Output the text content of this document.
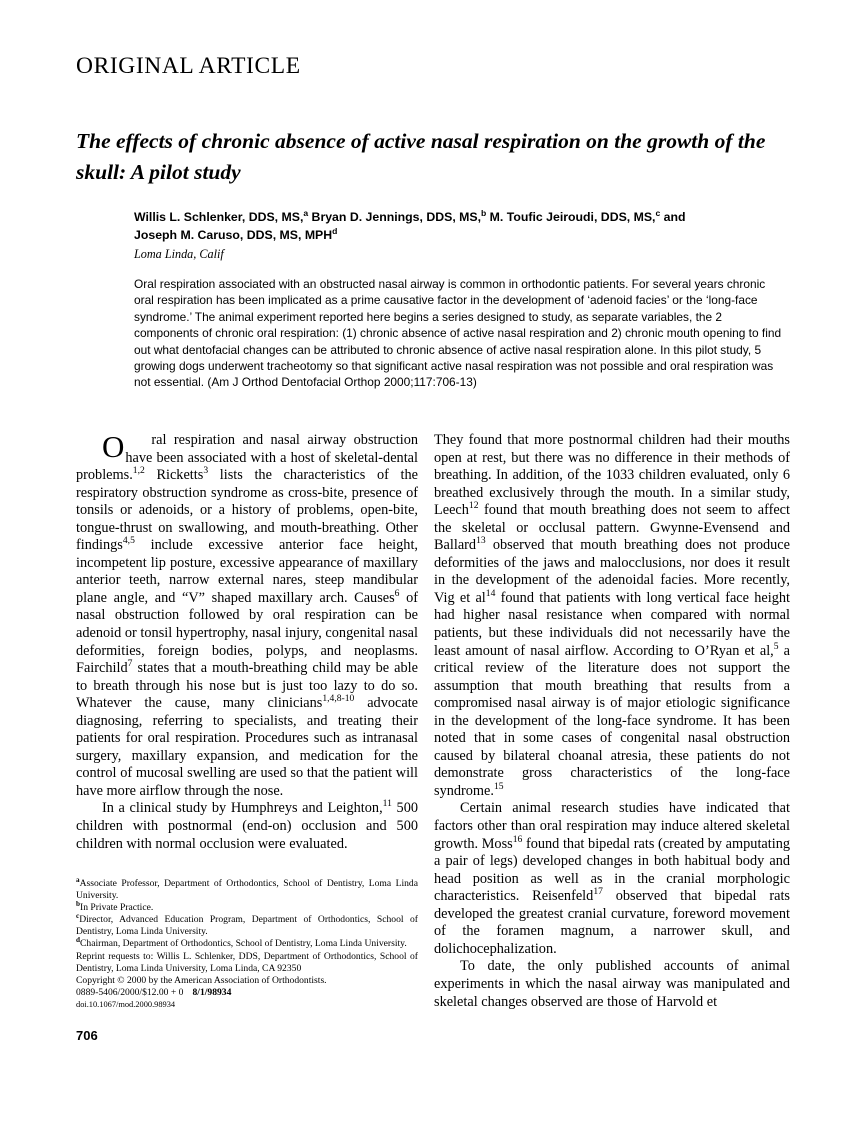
ORIGINAL ARTICLE
The effects of chronic absence of active nasal respiration on the growth of the skull: A pilot study
Willis L. Schlenker, DDS, MS,$^a$ Bryan D. Jennings, DDS, MS,$^b$ M. Toufic Jeiroudi, DDS, MS,$^c$ and
Joseph M. Caruso, DDS, MS, MPH$^d$
Loma Linda, Calif
Oral respiration associated with an obstructed nasal airway is common in orthodontic patients. For several years chronic oral respiration has been implicated as a prime causative factor in the development of ‘adenoid facies’ or the ‘long-face syndrome.’ The animal experiment reported here begins a series designed to study, as separate variables, the 2 components of chronic oral respiration: (1) chronic absence of active nasal respiration and 2) chronic mouth opening to find out what dentofacial changes can be attributed to chronic absence of active nasal respiration alone. In this pilot study, 5 growing dogs underwent tracheotomy so that significant active nasal respiration was not possible and oral respiration was not essential. (Am J Orthod Dentofacial Orthop 2000;117:706-13)

O ral respiration and nasal airway obstruction have been associated with a host of skeletal-dental problems.$^{1,2}$ Ricketts$^3$ lists the characteristics of the respiratory obstruction syndrome as cross-bite, presence of tonsils or adenoids, or a history of problems, open-bite, tongue-thrust on swallowing, and mouth-breathing. Other findings$^{4,5}$ include excessive anterior face height, incompetent lip posture, excessive appearance of maxillary anterior teeth, narrow external nares, steep mandibular plane angle, and “V” shaped maxillary arch. Causes$^6$ of nasal obstruction followed by oral respiration can be adenoid or tonsil hypertrophy, nasal injury, congenital nasal deformities, foreign bodies, polyps, and neoplasms. Fairchild$^7$ states that a mouth-breathing child may be able to breath through his nose but is just too lazy to do so. Whatever the cause, many clinicians$^{1,4,8-10}$ advocate diagnosing, referring to specialists, and treating their patients for oral respiration. Procedures such as intranasal surgery, maxillary expansion, and medication for the control of mucosal swelling are used so that the patient will have more airflow through the nose.

In a clinical study by Humphreys and Leighton,$^{11}$ 500 children with postnormal (end-on) occlusion and 500 children with normal occlusion were evaluated.

They found that more postnormal children had their mouths open at rest, but there was no difference in their methods of breathing. In addition, of the 1033 children evaluated, only 6 breathed exclusively through the mouth. In a similar study, Leech$^{12}$ found that mouth breathing does not seem to affect the skeletal or occlusal pattern. Gwynne-Evensend and Ballard$^{13}$ observed that mouth breathing does not produce deformities of the jaws and malocclusions, nor does it result in the development of the adenoidal facies. More recently, Vig et $al^{14}$ found that patients with long vertical face height had higher nasal resistance when compared with normal patients, but these individuals did not necessarily have the least amount of nasal airflow. According to O’Ryan et al,$^5$ a critical review of the literature does not support the assumption that mouth breathing that results from a compromised nasal airway is of major etiologic significance in the development of the long-face syndrome. It has been noted that in some cases of congenital nasal obstruction caused by bilateral choanal atresia, these patients do not demonstrate gross characteristics of the long-face syndrome.$^{15}$

Certain animal research studies have indicated that factors other than oral respiration may induce altered skeletal growth. Moss$^{16}$ found that bipedal rats (created by amputating a pair of legs) developed changes in both habitual body and head position as well as in the cranial morphologic characteristics. Reisenfeld$^{17}$ observed that bipedal rats developed the greatest cranial curvature, foreword movement of the foramen magnum, a narrower skull, and dolichocephalization.

To date, the only published accounts of animal experiments in which the nasal airway was manipulated and skeletal changes observed are those of Harvold et

$^a$Associate Professor, Department of Orthodontics, School of Dentistry, Loma Linda University.

$^b$In Private Practice.

$^c$Director, Advanced Education Program, Department of Orthodontics, School of Dentistry, Loma Linda University.

$^d$Chairman, Department of Orthodontics, School of Dentistry, Loma Linda University.

Reprint requests to: Willis L. Schlenker, DDS, Department of Orthodontics, School of Dentistry, Loma Linda University, Loma Linda, CA 92350

Copyright © 2000 by the American Association of Orthodontists.

0889-5406/2000/$12.00 + 0 8/1/98934

doi.10.1067/mod.2000.98934

706
